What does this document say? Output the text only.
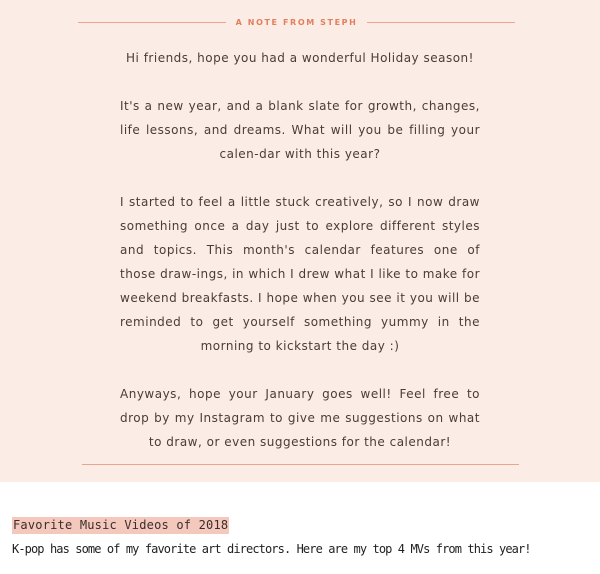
A NOTE FROM STEPH

Hi friends, hope you had a wonderful Holiday season!

It's a new year, and a blank slate for growth, changes, life lessons, and dreams. What will you be filling your calen-dar with this year?

I started to feel a little stuck creatively, so I now draw something once a day just to explore different styles and topics. This month's calendar features one of those draw-ings, in which I drew what I like to make for weekend breakfasts. I hope when you see it you will be reminded to get yourself something yummy in the morning to kickstart the day :)

Anyways, hope your January goes well! Feel free to drop by my Instagram to give me suggestions on what to draw, or even suggestions for the calendar!

Favorite Music Videos of 2018
K-pop has some of my favorite art directors. Here are my top 4 MVs from this year!
